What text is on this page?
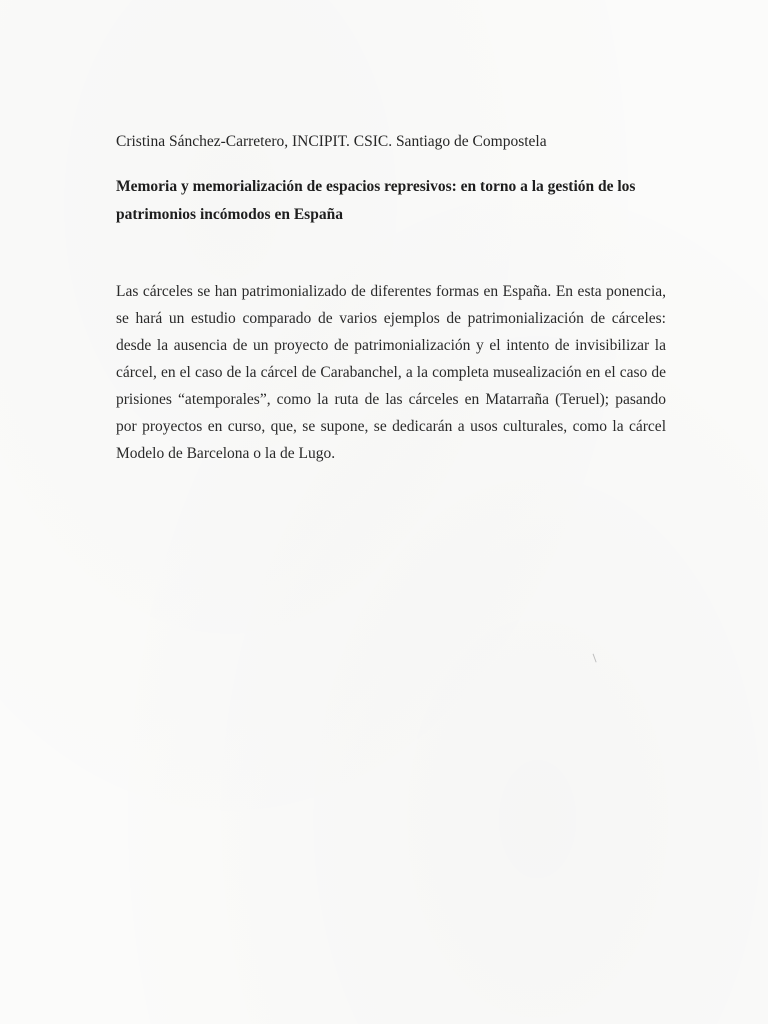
Cristina Sánchez-Carretero, INCIPIT. CSIC. Santiago de Compostela
Memoria y memorialización de espacios represivos: en torno a la gestión de los
patrimonios incómodos en España
Las cárceles se han patrimonializado de diferentes formas en España. En esta ponencia,
se hará un estudio comparado de varios ejemplos de patrimonialización de cárceles:
desde la ausencia de un proyecto de patrimonialización y el intento de invisibilizar la
cárcel, en el caso de la cárcel de Carabanchel, a la completa musealización en el caso de
prisiones “atemporales”, como la ruta de las cárceles en Matarraña (Teruel); pasando
por proyectos en curso, que, se supone, se dedicarán a usos culturales, como la cárcel
Modelo de Barcelona o la de Lugo.
